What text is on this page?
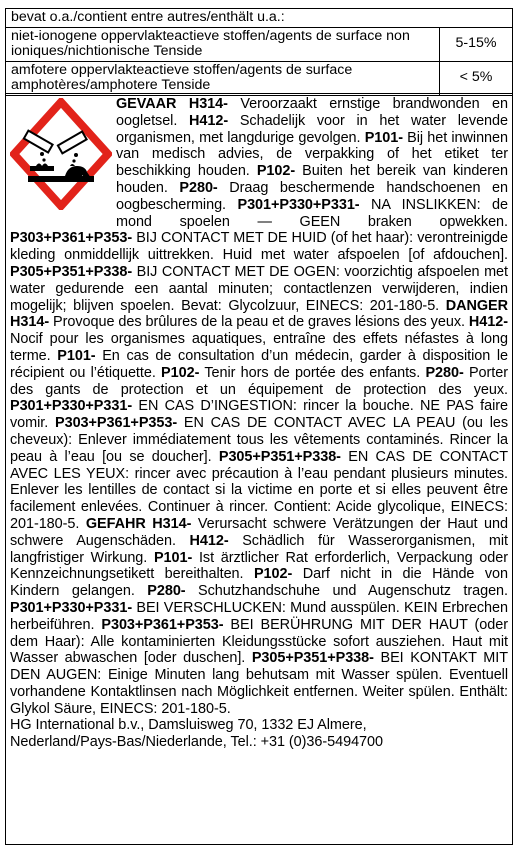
bevat o.a./contient entre autres/enthält u.a.:	
niet-ionogene oppervlakteactieve stoffen/agents de surface non ioniques/nichtionische Tenside	5-15%
amfotere oppervlakteactieve stoffen/agents de surface amphotères/amphotere Tenside	< 5%
GEVAAR H314- Veroorzaakt ernstige brandwonden en oogletsel. H412- Schadelijk voor in het water levende organismen, met langdurige gevolgen. P101- Bij het inwinnen van medisch advies, de verpakking of het etiket ter beschikking houden. P102- Buiten het bereik van kinderen houden. P280- Draag beschermende handschoenen en oogbescherming. P301+P330+P331- NA INSLIKKEN: de mond spoelen — GEEN braken opwekken. P303+P361+P353- BIJ CONTACT MET DE HUID (of het haar): verontreinigde kleding onmiddellijk uittrekken. Huid met water afspoelen [of afdouchen]. P305+P351+P338- BIJ CONTACT MET DE OGEN: voorzichtig afspoelen met water gedurende een aantal minuten; contactlenzen verwijderen, indien mogelijk; blijven spoelen. Bevat: Glycolzuur, EINECS: 201-180-5. DANGER H314- Provoque des brûlures de la peau et de graves lésions des yeux. H412- Nocif pour les organismes aquatiques, entraîne des effets néfastes à long terme. P101- En cas de consultation d’un médecin, garder à disposition le récipient ou l’étiquette. P102- Tenir hors de portée des enfants. P280- Porter des gants de protection et un équipement de protection des yeux. P301+P330+P331- EN CAS D’INGESTION: rincer la bouche. NE PAS faire vomir. P303+P361+P353- EN CAS DE CONTACT AVEC LA PEAU (ou les cheveux): Enlever immédiatement tous les vêtements contaminés. Rincer la peau à l’eau [ou se doucher]. P305+P351+P338- EN CAS DE CONTACT AVEC LES YEUX: rincer avec précaution à l’eau pendant plusieurs minutes. Enlever les lentilles de contact si la victime en porte et si elles peuvent être facilement enlevées. Continuer à rincer. Contient: Acide glycolique, EINECS: 201-180-5. GEFAHR H314- Verursacht schwere Verätzungen der Haut und schwere Augenschäden. H412- Schädlich für Wasserorganismen, mit langfristiger Wirkung. P101- Ist ärztlicher Rat erforderlich, Verpackung oder Kennzeichnungsetikett bereithalten. P102- Darf nicht in die Hände von Kindern gelangen. P280- Schutzhandschuhe und Augenschutz tragen. P301+P330+P331- BEI VERSCHLUCKEN: Mund ausspülen. KEIN Erbrechen herbeiführen. P303+P361+P353- BEI BERÜHRUNG MIT DER HAUT (oder dem Haar): Alle kontaminierten Kleidungsstücke sofort ausziehen. Haut mit Wasser abwaschen [oder duschen]. P305+P351+P338- BEI KONTAKT MIT DEN AUGEN: Einige Minuten lang behutsam mit Wasser spülen. Eventuell vorhandene Kontaktlinsen nach Möglichkeit entfernen. Weiter spülen. Enthält: Glykol Säure, EINECS: 201-180-5.
HG International b.v., Damsluisweg 70, 1332 EJ Almere,
Nederland/Pays-Bas/Niederlande, Tel.: +31 (0)36-5494700
